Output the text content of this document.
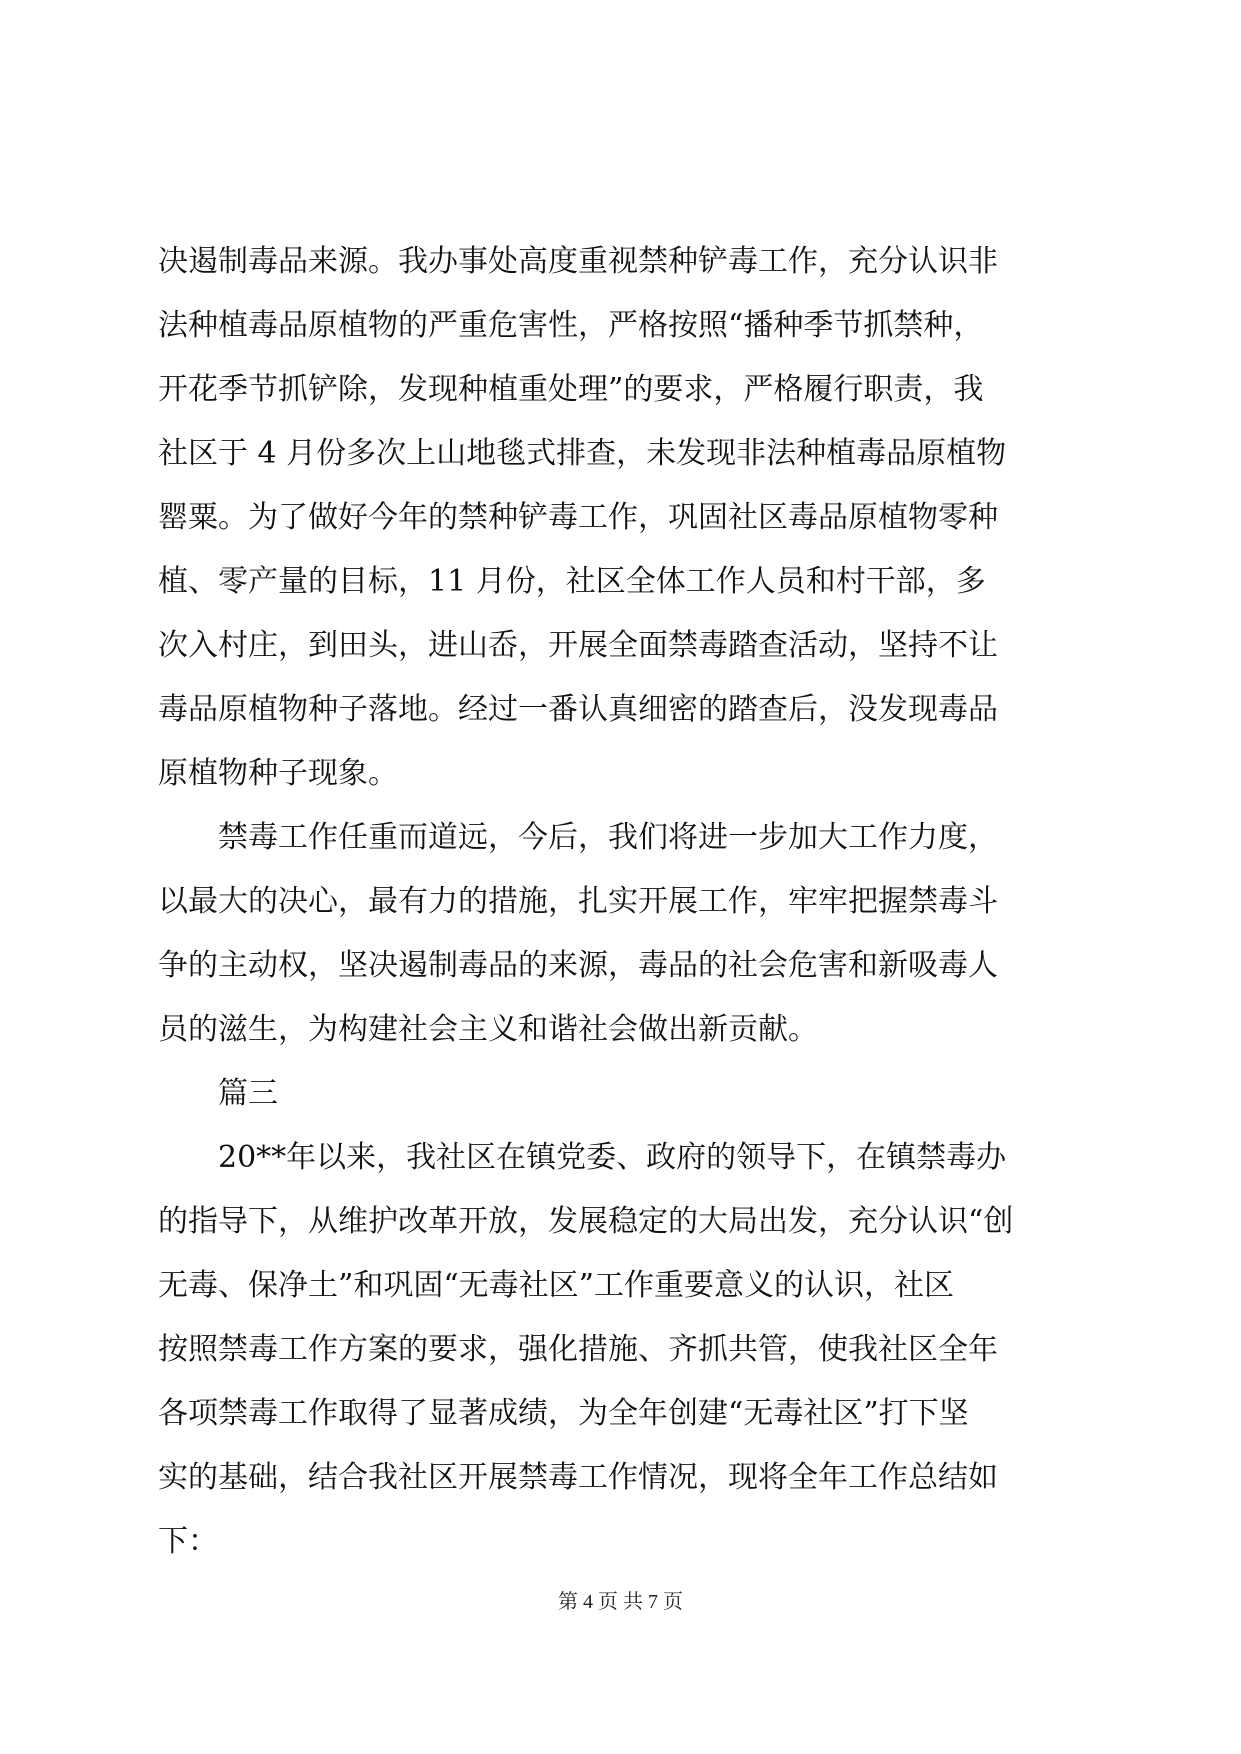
决遏制毒品来源。我办事处高度重视禁种铲毒工作，充分认识非
法种植毒品原植物的严重危害性，严格按照“播种季节抓禁种，
开花季节抓铲除，发现种植重处理”的要求，严格履行职责，我
社区于 4 月份多次上山地毯式排查，未发现非法种植毒品原植物
罂粟。为了做好今年的禁种铲毒工作，巩固社区毒品原植物零种
植、零产量的目标，11 月份，社区全体工作人员和村干部，多
次入村庄，到田头，进山岙，开展全面禁毒踏查活动，坚持不让
毒品原植物种子落地。经过一番认真细密的踏查后，没发现毒品
原植物种子现象。
　　禁毒工作任重而道远，今后，我们将进一步加大工作力度，
以最大的决心，最有力的措施，扎实开展工作，牢牢把握禁毒斗
争的主动权，坚决遏制毒品的来源，毒品的社会危害和新吸毒人
员的滋生，为构建社会主义和谐社会做出新贡献。
　　篇三
　　20**年以来，我社区在镇党委、政府的领导下，在镇禁毒办
的指导下，从维护改革开放，发展稳定的大局出发，充分认识“创
无毒、保净土”和巩固“无毒社区”工作重要意义的认识，社区
按照禁毒工作方案的要求，强化措施、齐抓共管，使我社区全年
各项禁毒工作取得了显著成绩，为全年创建“无毒社区”打下坚
实的基础，结合我社区开展禁毒工作情况，现将全年工作总结如
下：
第 4 页 共 7 页
